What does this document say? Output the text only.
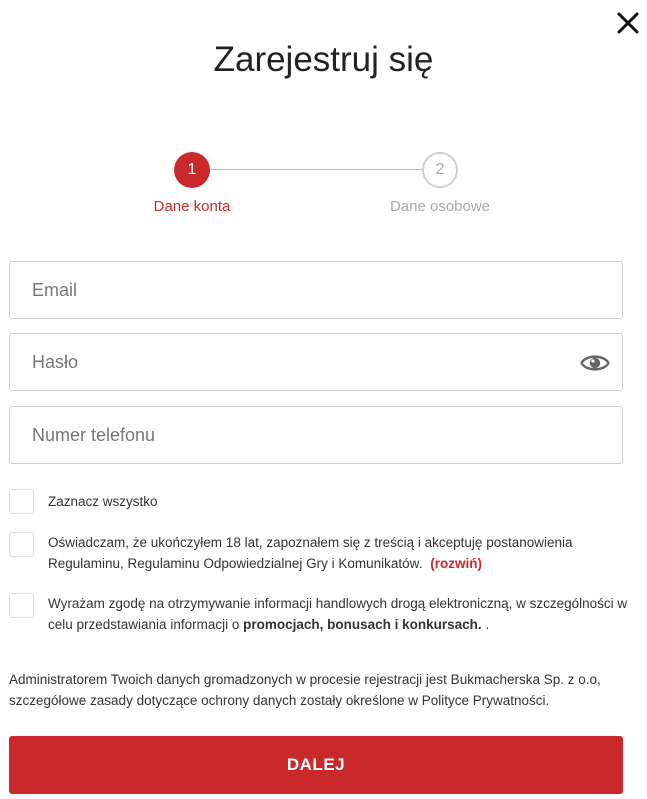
Zarejestruj się
1	2
Dane konta	Dane osobowe
Email
Numer telefonu
Zaznacz wszystko
Oświadczam, że ukończyłem 18 lat, zapoznałem się z treścią i akceptuję postanowienia Regulaminu, Regulaminu Odpowiedzialnej Gry i Komunikatów. (rozwiń)
Wyrażam zgodę na otrzymywanie informacji handlowych drogą elektroniczną, w szczególności w celu przedstawiania informacji o promocjach, bonusach i konkursach. .

Administratorem Twoich danych gromadzonych w procesie rejestracji jest Bukmacherska Sp. z o.o, szczegółowe zasady dotyczące ochrony danych zostały określone w Polityce Prywatności.

DALEJ
